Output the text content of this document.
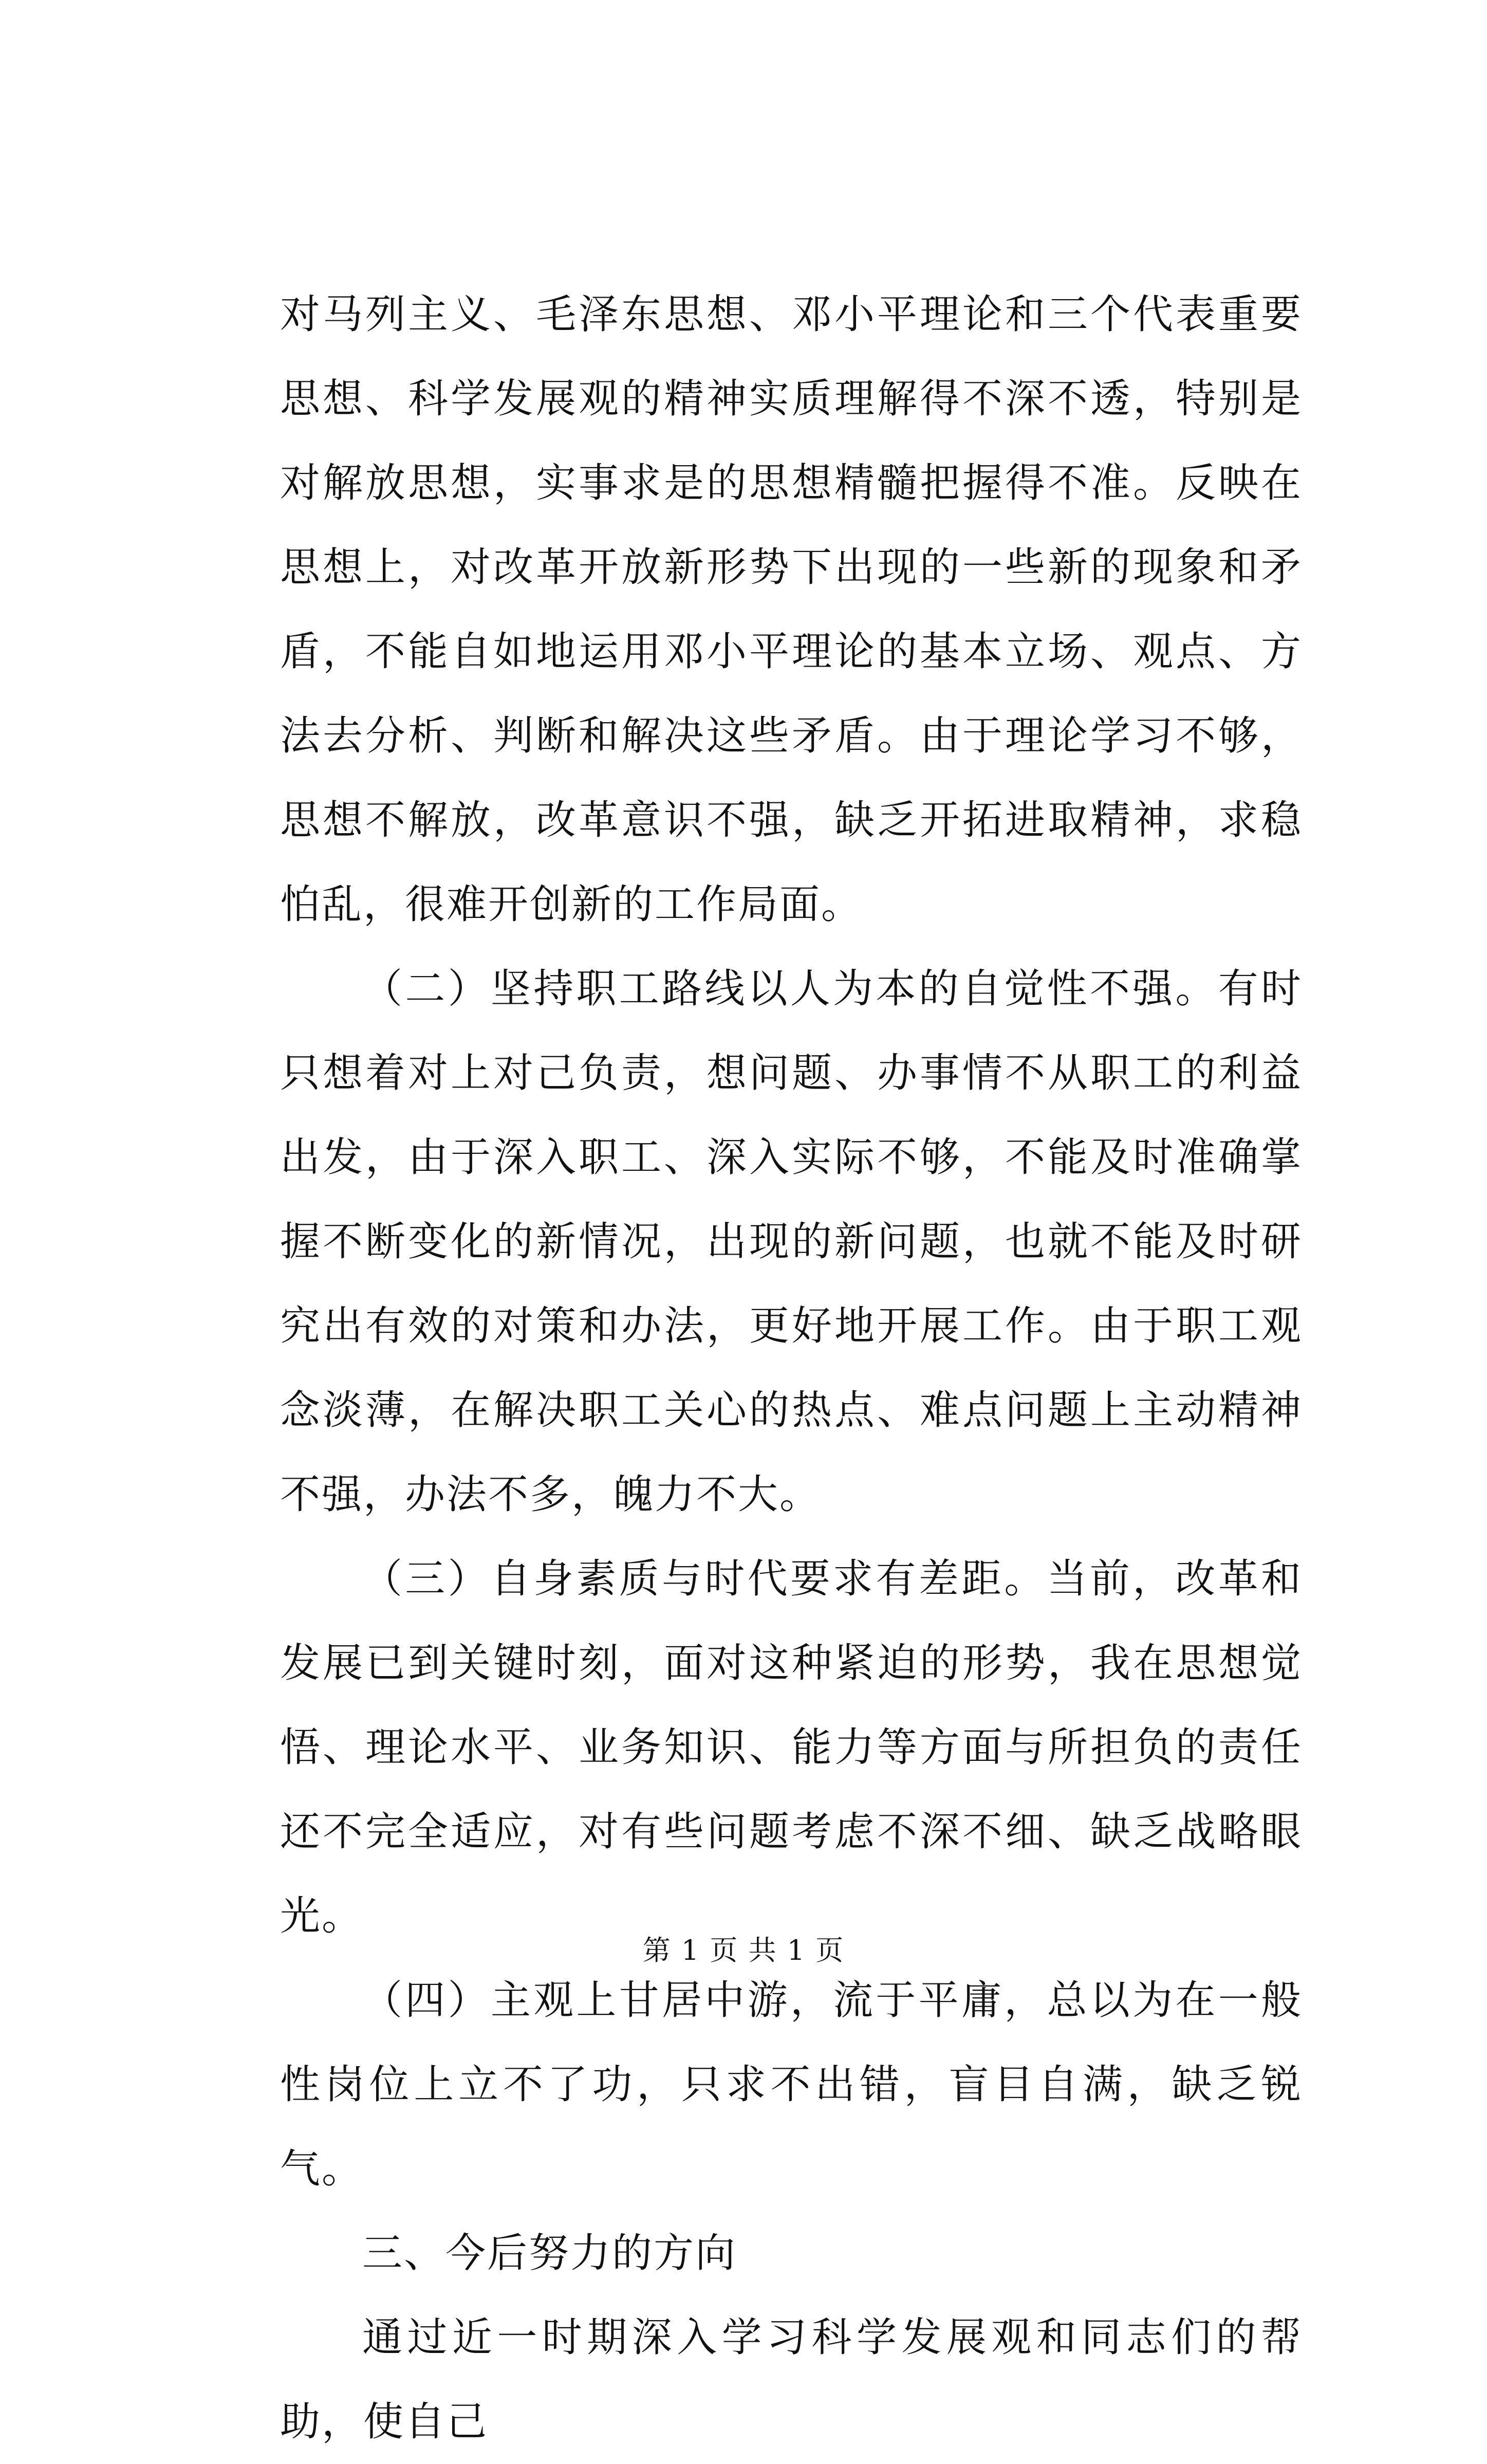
对马列主义、毛泽东思想、邓小平理论和三个代表重要思想、科学发展观的精神实质理解得不深不透，特别是对解放思想，实事求是的思想精髓把握得不准。反映在思想上，对改革开放新形势下出现的一些新的现象和矛盾，不能自如地运用邓小平理论的基本立场、观点、方法去分析、判断和解决这些矛盾。由于理论学习不够，思想不解放，改革意识不强，缺乏开拓进取精神，求稳怕乱，很难开创新的工作局面。

（二）坚持职工路线以人为本的自觉性不强。有时只想着对上对己负责，想问题、办事情不从职工的利益出发，由于深入职工、深入实际不够，不能及时准确掌握不断变化的新情况，出现的新问题，也就不能及时研究出有效的对策和办法，更好地开展工作。由于职工观念淡薄，在解决职工关心的热点、难点问题上主动精神不强，办法不多，魄力不大。

（三）自身素质与时代要求有差距。当前，改革和发展已到关键时刻，面对这种紧迫的形势，我在思想觉悟、理论水平、业务知识、能力等方面与所担负的责任还不完全适应，对有些问题考虑不深不细、缺乏战略眼光。

（四）主观上甘居中游，流于平庸，总以为在一般性岗位上立不了功，只求不出错，盲目自满，缺乏锐气。

三、今后努力的方向

通过近一时期深入学习科学发展观和同志们的帮助，使自己

第 1 页 共 1 页
